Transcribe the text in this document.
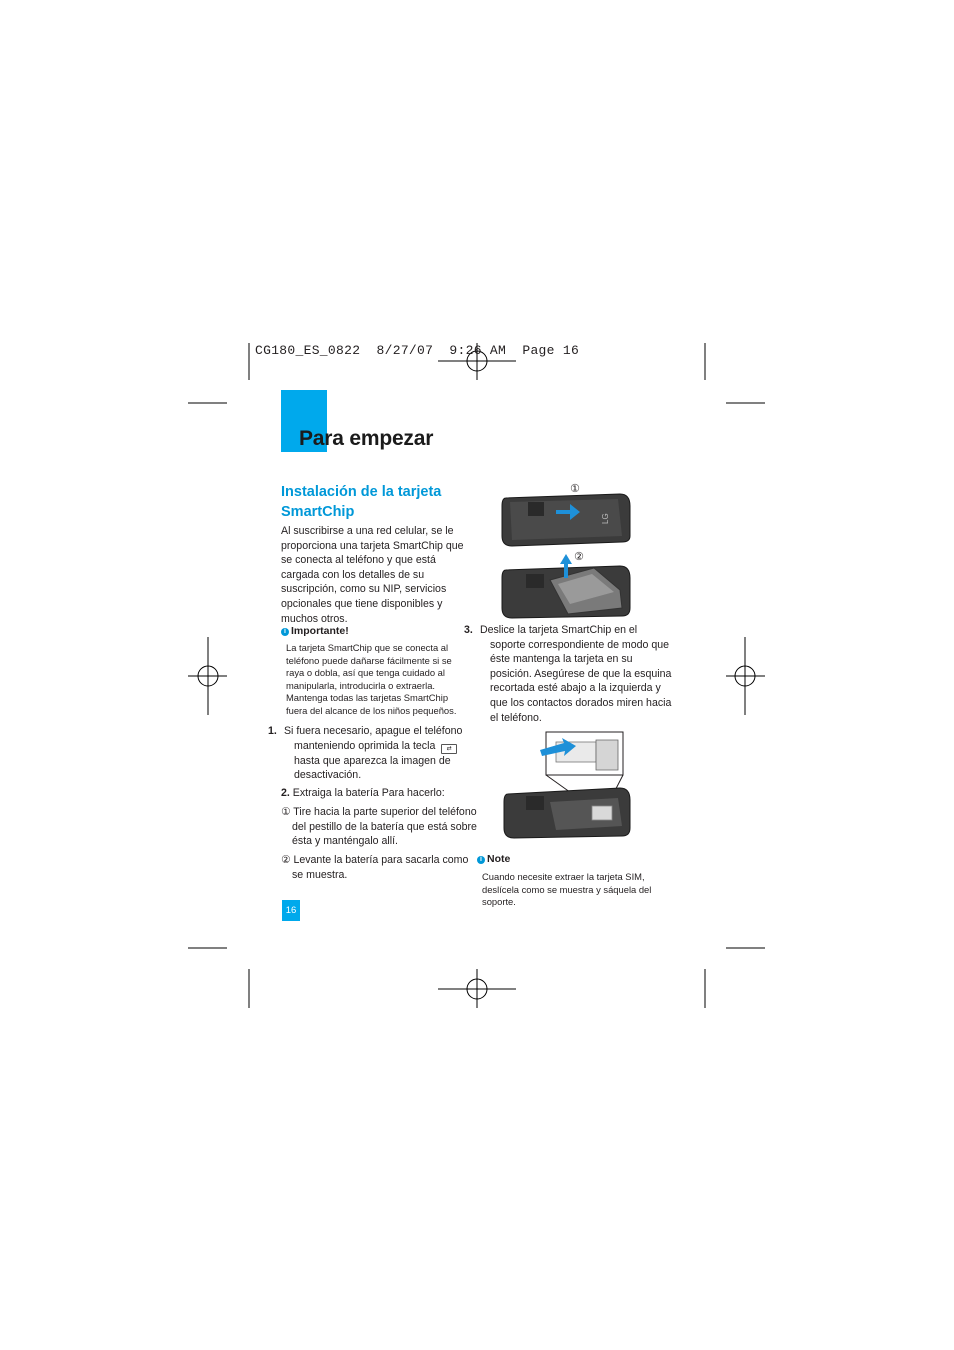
CG180_ES_0822  8/27/07  9:26 AM  Page 16
Para empezar
Instalación de la tarjeta SmartChip
Al suscribirse a una red celular, se le proporciona una tarjeta SmartChip que se conecta al teléfono y que está cargada con los detalles de su suscripción, como su NIP, servicios opcionales que tiene disponibles y muchos otros.
i Importante!
La tarjeta SmartChip que se conecta al teléfono puede dañarse fácilmente si se raya o dobla, así que tenga cuidado al manipularla, introducirla o extraerla. Mantenga todas las tarjetas SmartChip fuera del alcance de los niños pequeños.
1. Si fuera necesario, apague el teléfono manteniendo oprimida la tecla ⇄ hasta que aparezca la imagen de desactivación.
2. Extraiga la batería Para hacerlo:
① Tire hacia la parte superior del teléfono del pestillo de la batería que está sobre ésta y manténgalo allí.
② Levante la batería para sacarla como se muestra.
3. Deslice la tarjeta SmartChip en el soporte correspondiente de modo que éste mantenga la tarjeta en su posición. Asegúrese de que la esquina recortada esté abajo a la izquierda y que los contactos dorados miren hacia el teléfono.
①
LG
②
i Note
Cuando necesite extraer la tarjeta SIM, deslícela como se muestra y sáquela del soporte.
16
